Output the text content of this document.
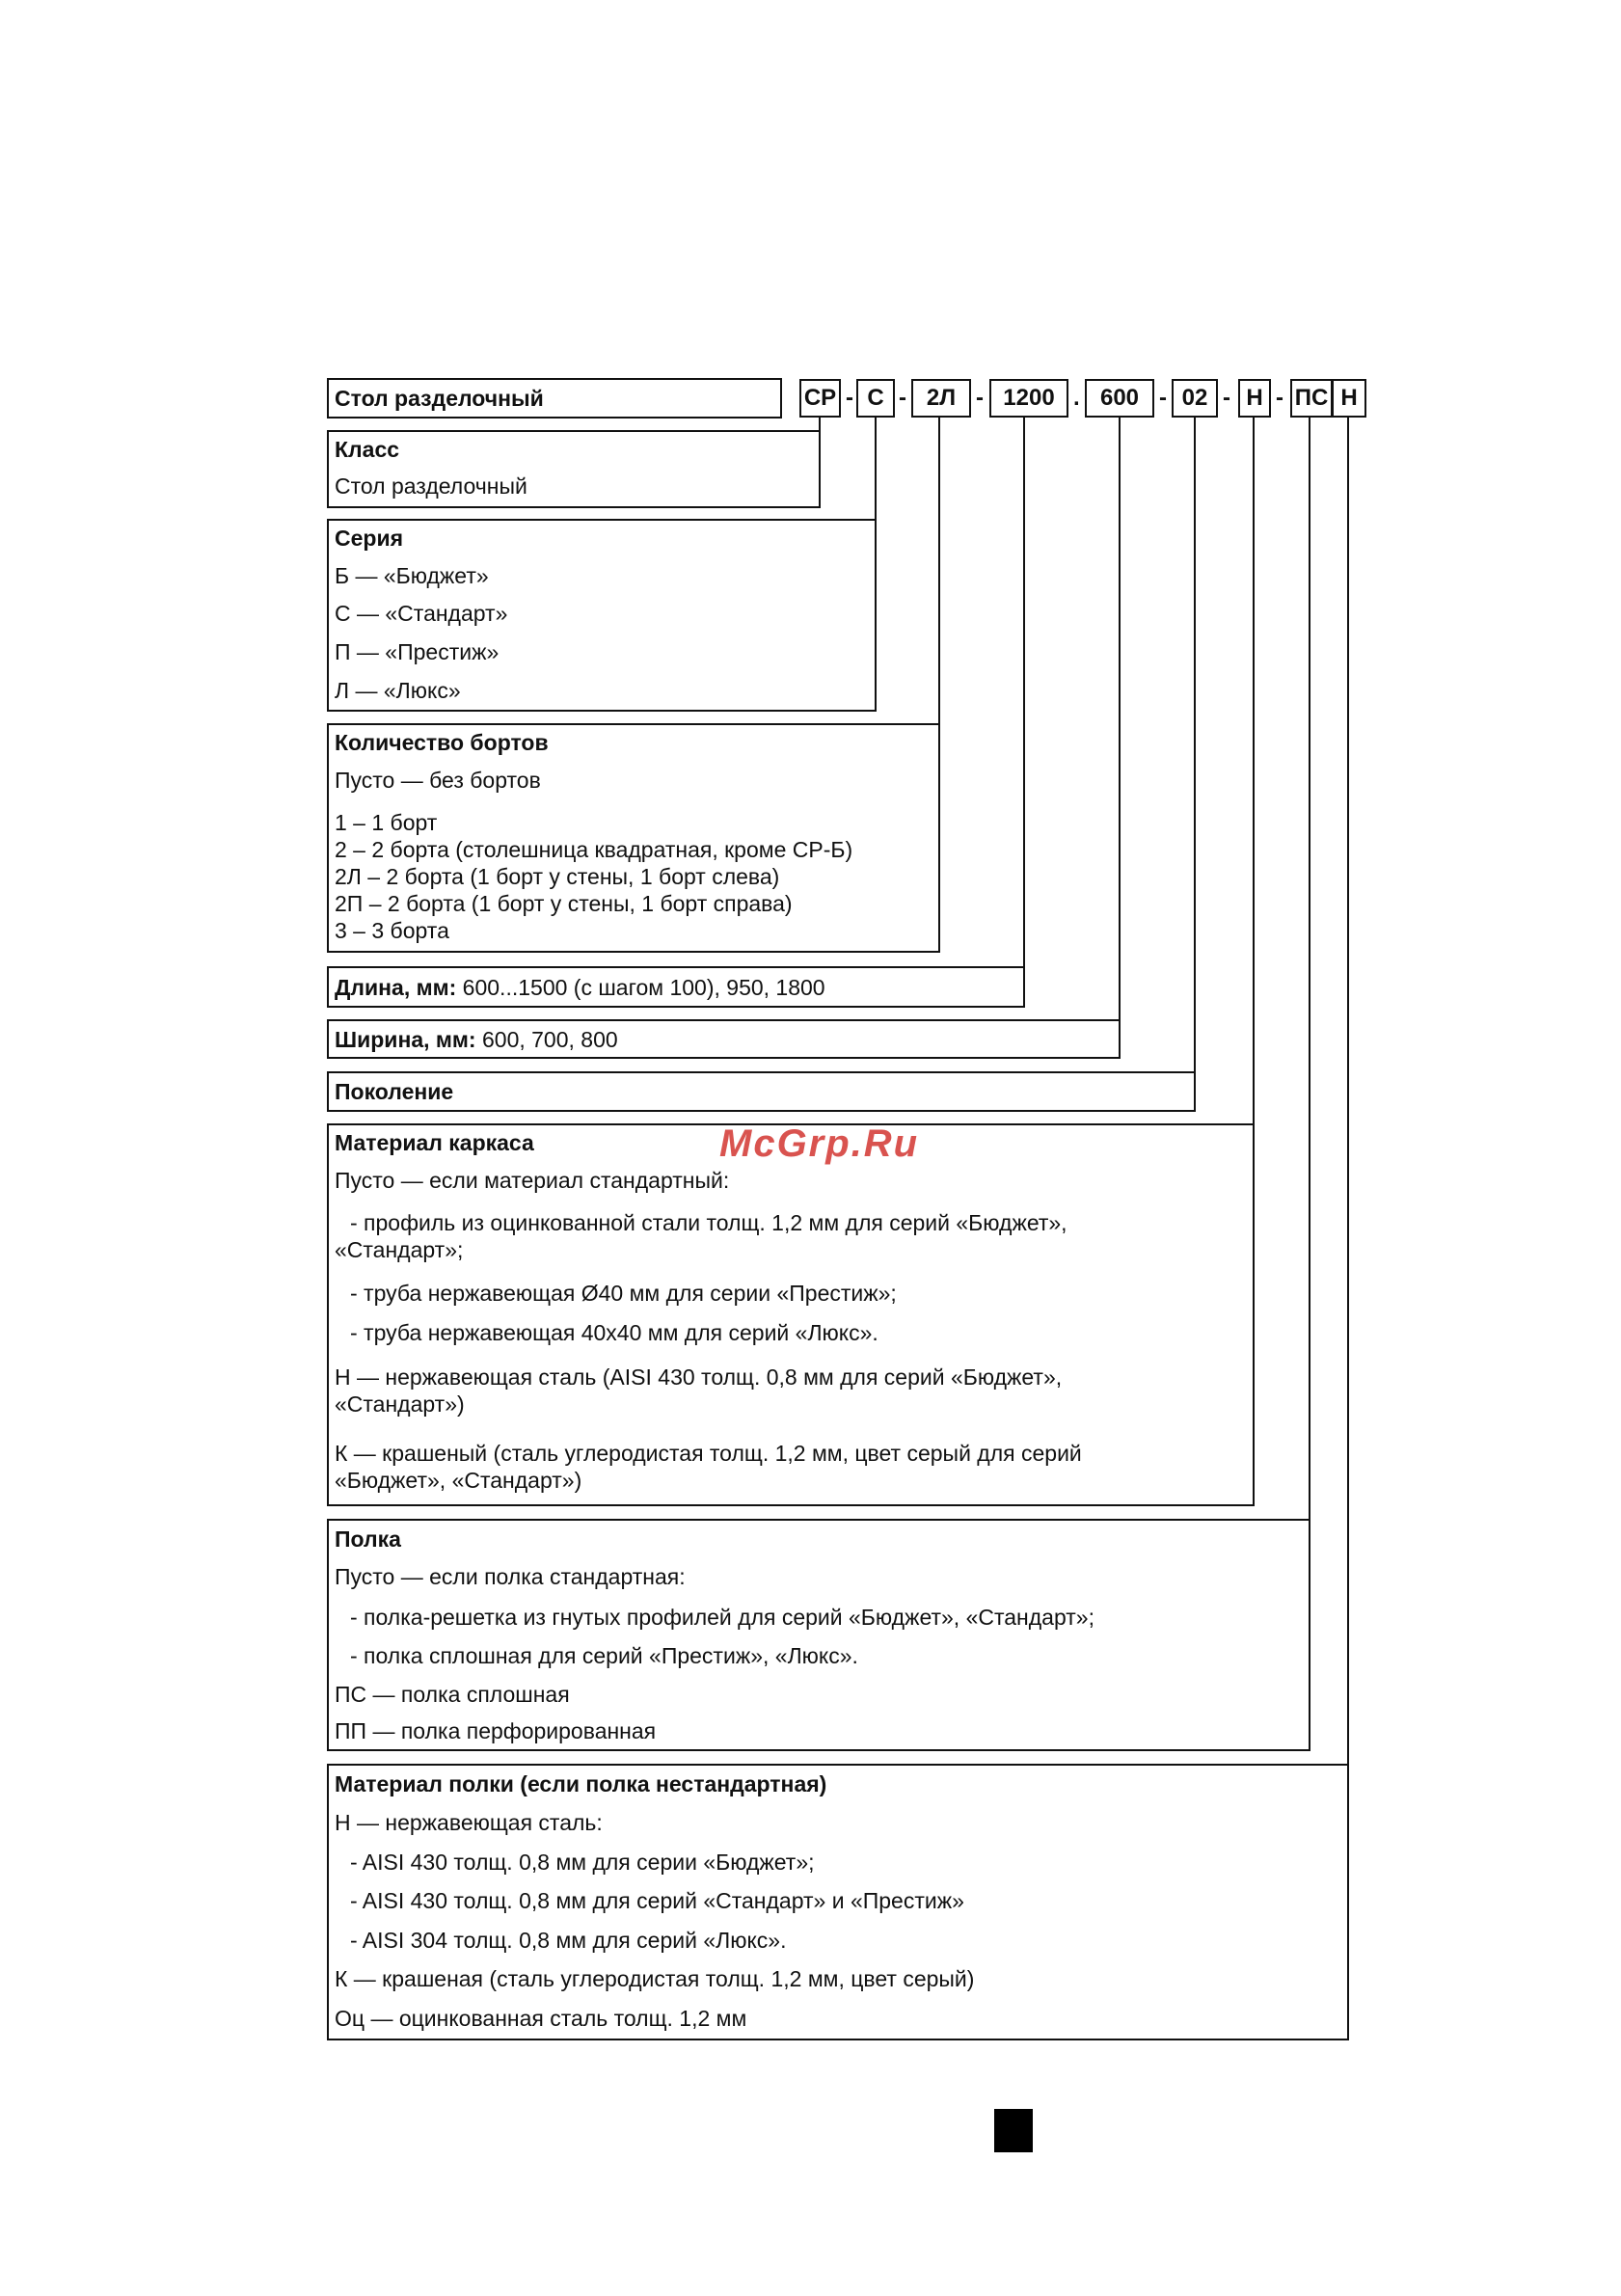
Стол разделочный	СР - С - 2Л - 1200 . 600 - 02 - Н - ПС Н
Класс
Стол разделочный
Серия
Б — «Бюджет»
С — «Стандарт»
П — «Престиж»
Л — «Люкс»
Количество бортов
Пусто — без бортов
1 – 1 борт
2 – 2 борта (столешница квадратная, кроме СР-Б)
2Л – 2 борта (1 борт у стены, 1 борт слева)
2П – 2 борта (1 борт у стены, 1 борт справа)
3 – 3 борта
Длина, мм: 600...1500 (с шагом 100), 950, 1800
Ширина, мм: 600, 700, 800
Поколение
Материал каркаса
Пусто — если материал стандартный:
- профиль из оцинкованной стали толщ. 1,2 мм для серий «Бюджет»,
«Стандарт»;
- труба нержавеющая Ø40 мм для серии «Престиж»;
- труба нержавеющая 40х40 мм для серий «Люкс».
Н — нержавеющая сталь (AISI 430 толщ. 0,8 мм для серий «Бюджет»,
«Стандарт»)
К — крашеный (сталь углеродистая толщ. 1,2 мм, цвет серый для серий
«Бюджет», «Стандарт»)
Полка
Пусто — если полка стандартная:
- полка-решетка из гнутых профилей для серий «Бюджет», «Стандарт»;
- полка сплошная для серий «Престиж», «Люкс».
ПС — полка сплошная
ПП — полка перфорированная
Материал полки (если полка нестандартная)
Н — нержавеющая сталь:
- AISI 430 толщ. 0,8 мм для серии «Бюджет»;
- AISI 430 толщ. 0,8 мм для серий «Стандарт» и «Престиж»
- AISI 304 толщ. 0,8 мм для серий «Люкс».
К — крашеная (сталь углеродистая толщ. 1,2 мм, цвет серый)
Оц — оцинкованная сталь толщ. 1,2 мм
McGrp.Ru
